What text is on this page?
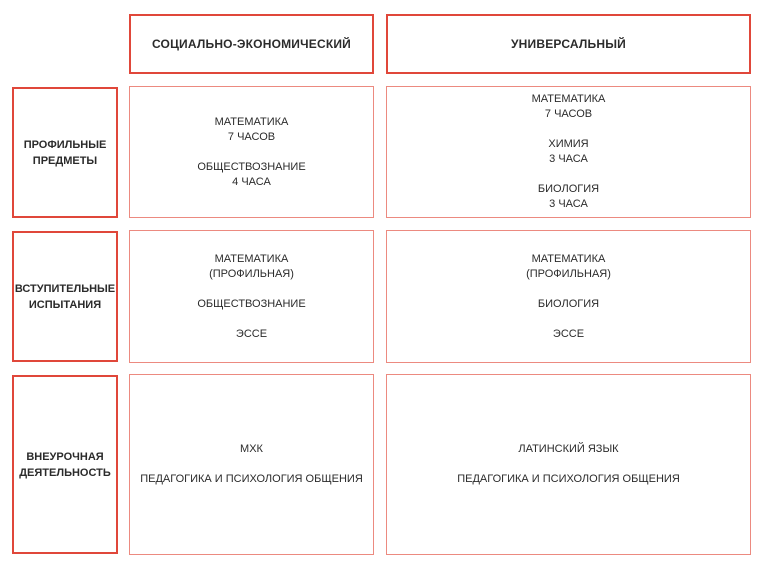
СОЦИАЛЬНО-ЭКОНОМИЧЕСКИЙ	УНИВЕРСАЛЬНЫЙ
ПРОФИЛЬНЫЕ
ПРЕДМЕТЫ
МАТЕМАТИКА
7 ЧАСОВ
ОБЩЕСТВОЗНАНИЕ
4 ЧАСА
МАТЕМАТИКА
7 ЧАСОВ
ХИМИЯ
3 ЧАСА
БИОЛОГИЯ
3 ЧАСА
ВСТУПИТЕЛЬНЫЕ
ИСПЫТАНИЯ
МАТЕМАТИКА
(ПРОФИЛЬНАЯ)
ОБЩЕСТВОЗНАНИЕ
ЭССЕ
МАТЕМАТИКА
(ПРОФИЛЬНАЯ)
БИОЛОГИЯ
ЭССЕ
ВНЕУРОЧНАЯ
ДЕЯТЕЛЬНОСТЬ
МХК
ПЕДАГОГИКА И ПСИХОЛОГИЯ ОБЩЕНИЯ
ЛАТИНСКИЙ ЯЗЫК
ПЕДАГОГИКА И ПСИХОЛОГИЯ ОБЩЕНИЯ
